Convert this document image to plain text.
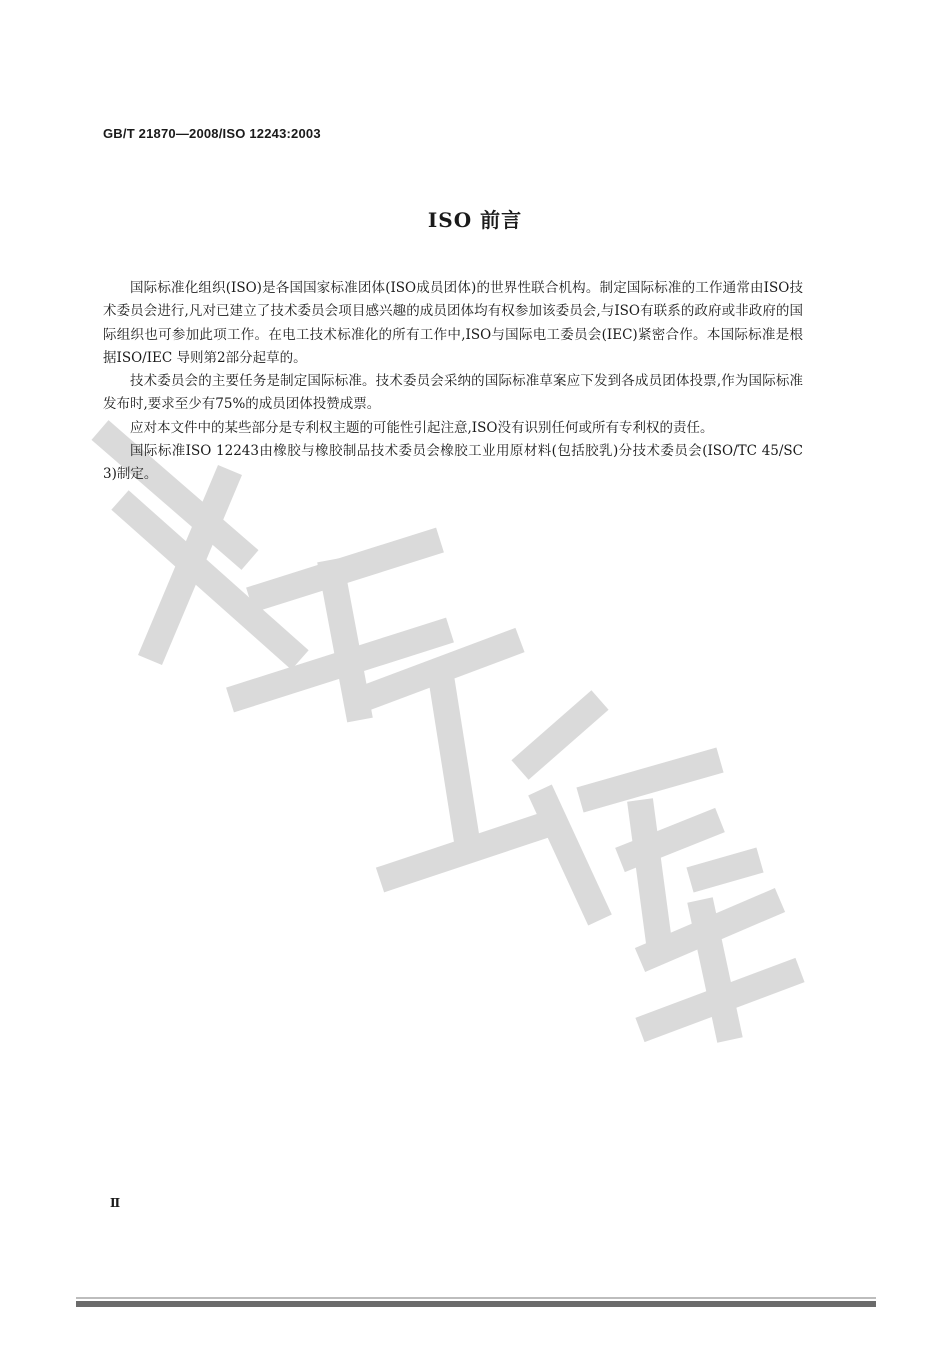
GB/T 21870—2008/ISO 12243:2003
ISO 前言

国际标准化组织(ISO)是各国国家标准团体(ISO成员团体)的世界性联合机构。制定国际标准的工作通常由ISO技术委员会进行,凡对已建立了技术委员会项目感兴趣的成员团体均有权参加该委员会,与ISO有联系的政府或非政府的国际组织也可参加此项工作。在电工技术标准化的所有工作中,ISO与国际电工委员会(IEC)紧密合作。本国际标准是根据ISO/IEC 导则第2部分起草的。

技术委员会的主要任务是制定国际标准。技术委员会采纳的国际标准草案应下发到各成员团体投票,作为国际标准发布时,要求至少有75%的成员团体投赞成票。

应对本文件中的某些部分是专利权主题的可能性引起注意,ISO没有识别任何或所有专利权的责任。

国际标准ISO 12243由橡胶与橡胶制品技术委员会橡胶工业用原材料(包括胶乳)分技术委员会(ISO/TC 45/SC 3)制定。

Ⅱ
